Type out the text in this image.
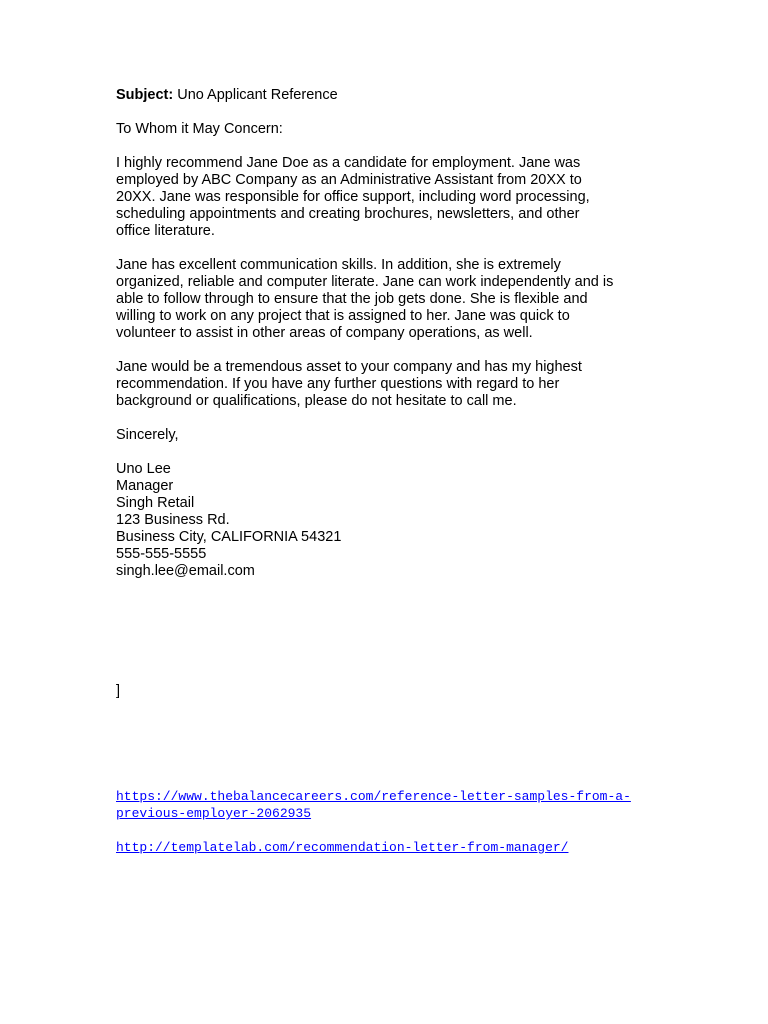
Subject: Uno Applicant Reference
To Whom it May Concern:
I highly recommend Jane Doe as a candidate for employment. Jane was
employed by ABC Company as an Administrative Assistant from 20XX to
20XX. Jane was responsible for office support, including word processing,
scheduling appointments and creating brochures, newsletters, and other
office literature.
Jane has excellent communication skills. In addition, she is extremely
organized, reliable and computer literate. Jane can work independently and is
able to follow through to ensure that the job gets done. She is flexible and
willing to work on any project that is assigned to her. Jane was quick to
volunteer to assist in other areas of company operations, as well.
Jane would be a tremendous asset to your company and has my highest
recommendation. If you have any further questions with regard to her
background or qualifications, please do not hesitate to call me.
Sincerely,
Uno Lee
Manager
Singh Retail
123 Business Rd.
Business City, CALIFORNIA 54321
555-555-5555
singh.lee@email.com
]
https://www.thebalancecareers.com/reference-letter-samples-from-a-
previous-employer-2062935
http://templatelab.com/recommendation-letter-from-manager/
